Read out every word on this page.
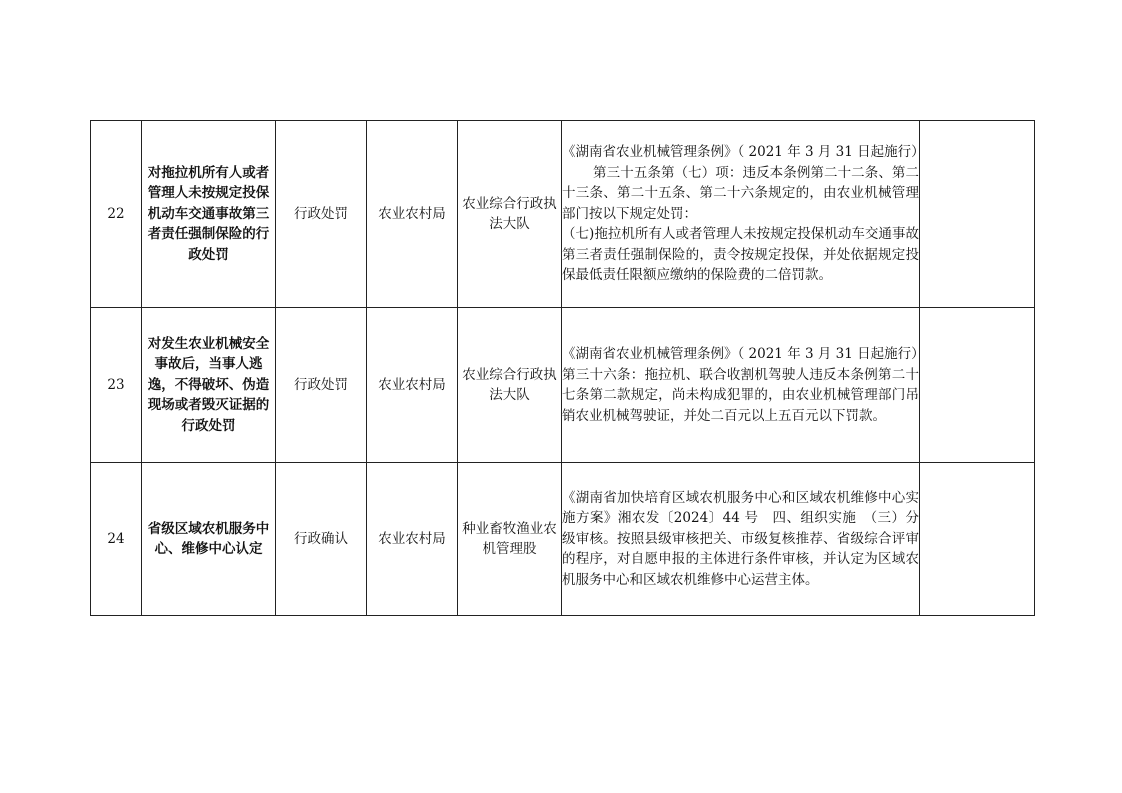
22	对拖拉机所有人或者管理人未按规定投保机动车交通事故第三者责任强制保险的行政处罚	行政处罚	农业农村局	农业综合行政执法大队	《湖南省农业机械管理条例》（ 2021 年 3 月 31 日起施行）
第三十五条第（七）项：违反本条例第二十二条、第二十三条、第二十五条、第二十六条规定的，由农业机械管理部门按以下规定处罚：
（七)拖拉机所有人或者管理人未按规定投保机动车交通事故第三者责任强制保险的，责令按规定投保，并处依据规定投保最低责任限额应缴纳的保险费的二倍罚款。	

23	对发生农业机械安全事故后，当事人逃逸，不得破坏、伪造现场或者毁灭证据的行政处罚	行政处罚	农业农村局	农业综合行政执法大队	《湖南省农业机械管理条例》（ 2021 年 3 月 31 日起施行）
第三十六条：拖拉机、联合收割机驾驶人违反本条例第二十七条第二款规定，尚未构成犯罪的，由农业机械管理部门吊销农业机械驾驶证，并处二百元以上五百元以下罚款。	

24	省级区域农机服务中心、维修中心认定	行政确认	农业农村局	种业畜牧渔业农机管理股	《湖南省加快培育区域农机服务中心和区域农机维修中心实施方案》湘农发〔2024〕44 号　四、组织实施　（三）分级审核。按照县级审核把关、市级复核推荐、省级综合评审的程序，对自愿申报的主体进行条件审核，并认定为区域农机服务中心和区域农机维修中心运营主体。	
